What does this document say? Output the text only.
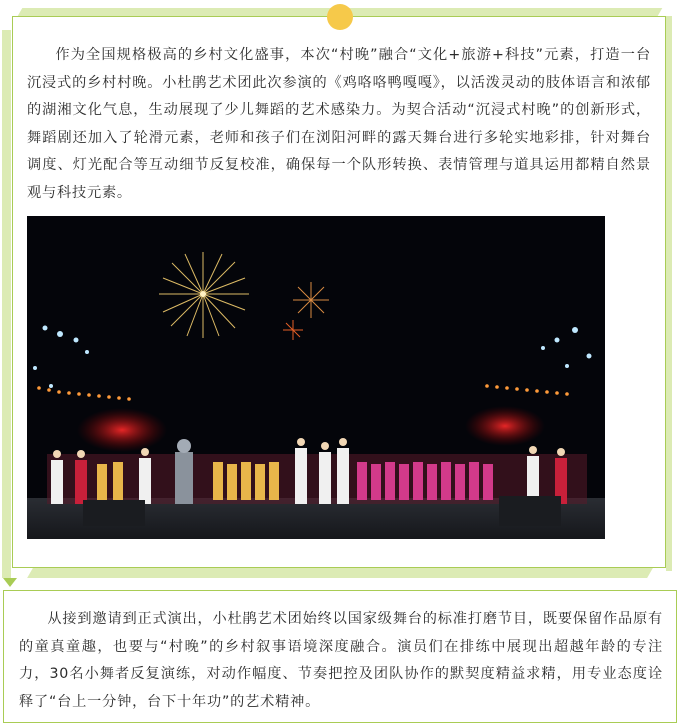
作为全国规格极高的乡村文化盛事，本次“村晚”融合“文化+旅游+科技”元素，打造一台沉浸式的乡村村晚。小杜鹃艺术团此次参演的《鸡咯咯鸭嘎嘎》，以活泼灵动的肢体语言和浓郁的湖湘文化气息，生动展现了少儿舞蹈的艺术感染力。为契合活动“沉浸式村晚”的创新形式，舞蹈剧还加入了轮滑元素，老师和孩子们在浏阳河畔的露天舞台进行多轮实地彩排，针对舞台调度、灯光配合等互动细节反复校准，确保每一个队形转换、表情管理与道具运用都精自然景观与科技元素。

从接到邀请到正式演出，小杜鹃艺术团始终以国家级舞台的标准打磨节目，既要保留作品原有的童真童趣，也要与“村晚”的乡村叙事语境深度融合。演员们在排练中展现出超越年龄的专注力，30名小舞者反复演练，对动作幅度、节奏把控及团队协作的默契度精益求精，用专业态度诠释了“台上一分钟，台下十年功”的艺术精神。
